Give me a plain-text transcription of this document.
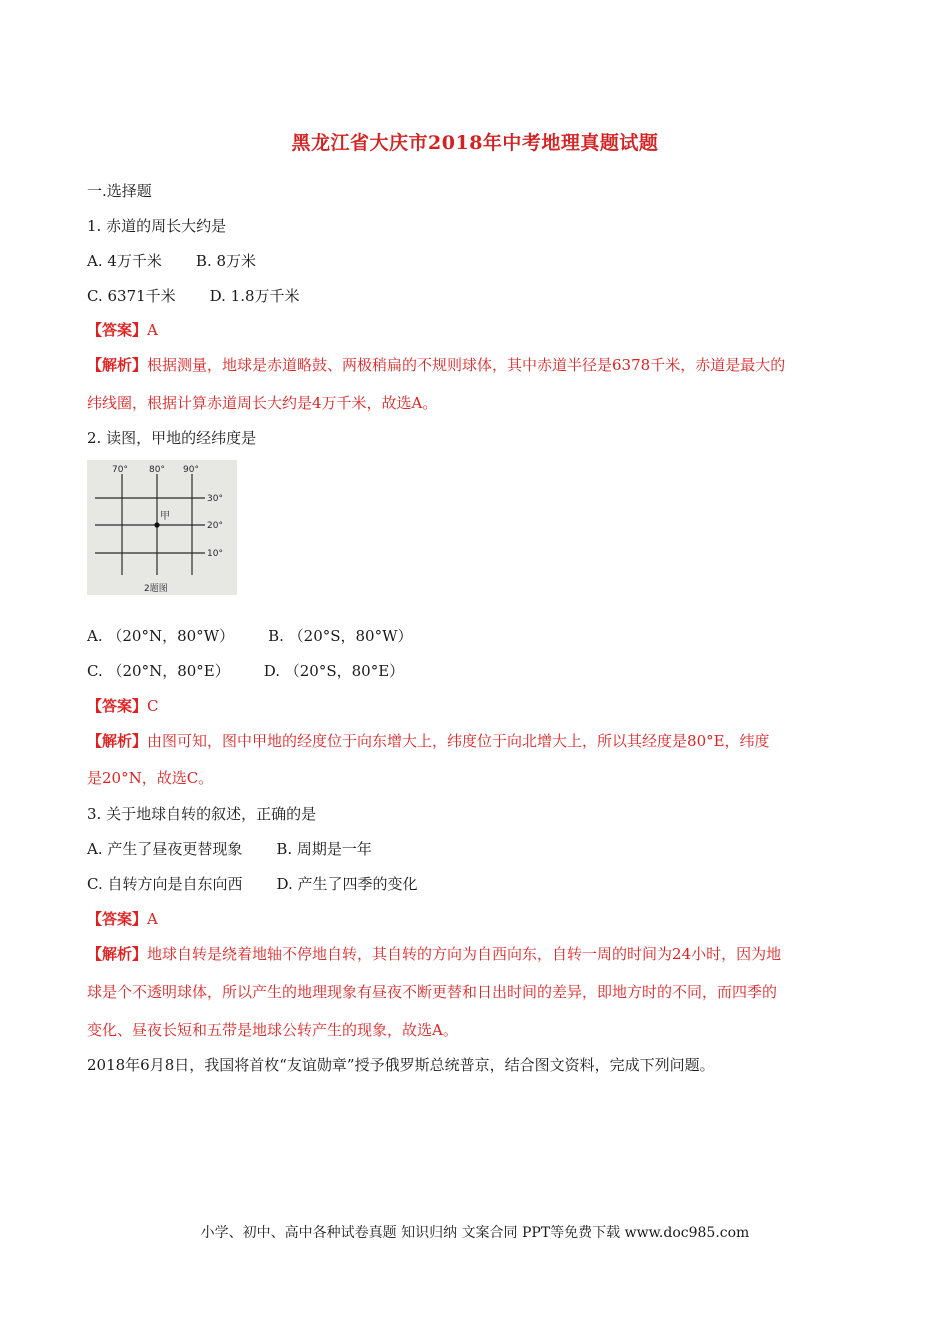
黑龙江省大庆市2018年中考地理真题试题
一.选择题
1. 赤道的周长大约是
A. 4万千米 B. 8万米
C. 6371千米 D. 1.8万千米
【答案】A
【解析】根据测量，地球是赤道略鼓、两极稍扁的不规则球体，其中赤道半径是6378千米，赤道是最大的
纬线圈，根据计算赤道周长大约是4万千米，故选A。
2. 读图，甲地的经纬度是
70° 80° 90°
30°
20°
10°
甲
2题图
A. （20°N，80°W） B. （20°S，80°W）
C. （20°N，80°E） D. （20°S，80°E）
【答案】C
【解析】由图可知，图中甲地的经度位于向东增大上，纬度位于向北增大上，所以其经度是80°E，纬度
是20°N，故选C。
3. 关于地球自转的叙述，正确的是
A. 产生了昼夜更替现象 B. 周期是一年
C. 自转方向是自东向西 D. 产生了四季的变化
【答案】A
【解析】地球自转是绕着地轴不停地自转，其自转的方向为自西向东，自转一周的时间为24小时，因为地
球是个不透明球体，所以产生的地理现象有昼夜不断更替和日出时间的差异，即地方时的不同，而四季的
变化、昼夜长短和五带是地球公转产生的现象，故选A。
2018年6月8日，我国将首枚“友谊勋章”授予俄罗斯总统普京，结合图文资料，完成下列问题。
小学、初中、高中各种试卷真题 知识归纳 文案合同 PPT等免费下载 www.doc985.com
